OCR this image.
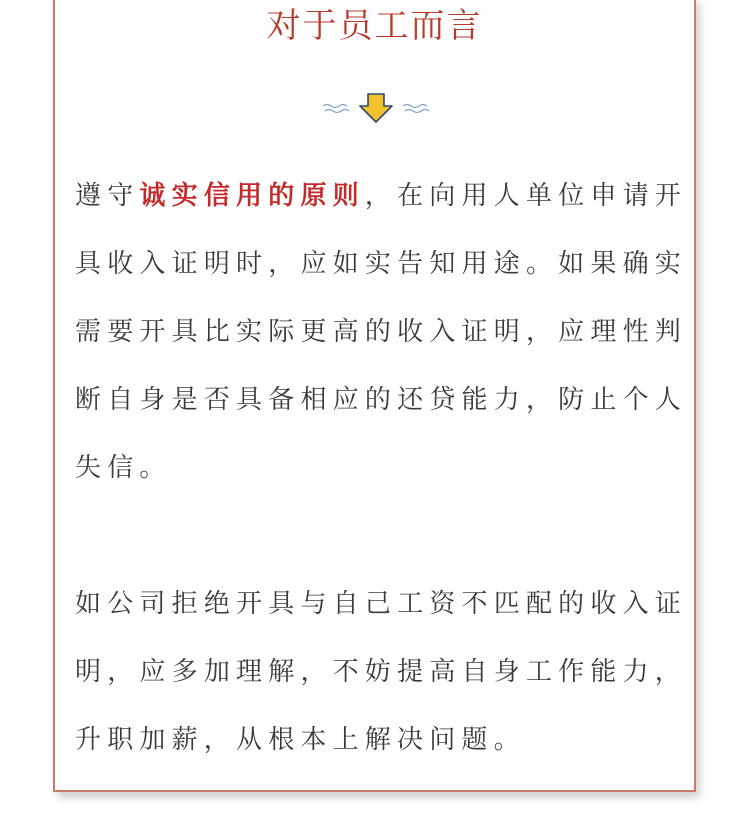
对于员工而言

遵守诚实信用的原则，在向用人单位申请开具收入证明时，应如实告知用途。如果确实需要开具比实际更高的收入证明，应理性判断自身是否具备相应的还贷能力，防止个人失信。

如公司拒绝开具与自己工资不匹配的收入证明，应多加理解，不妨提高自身工作能力，升职加薪，从根本上解决问题。
